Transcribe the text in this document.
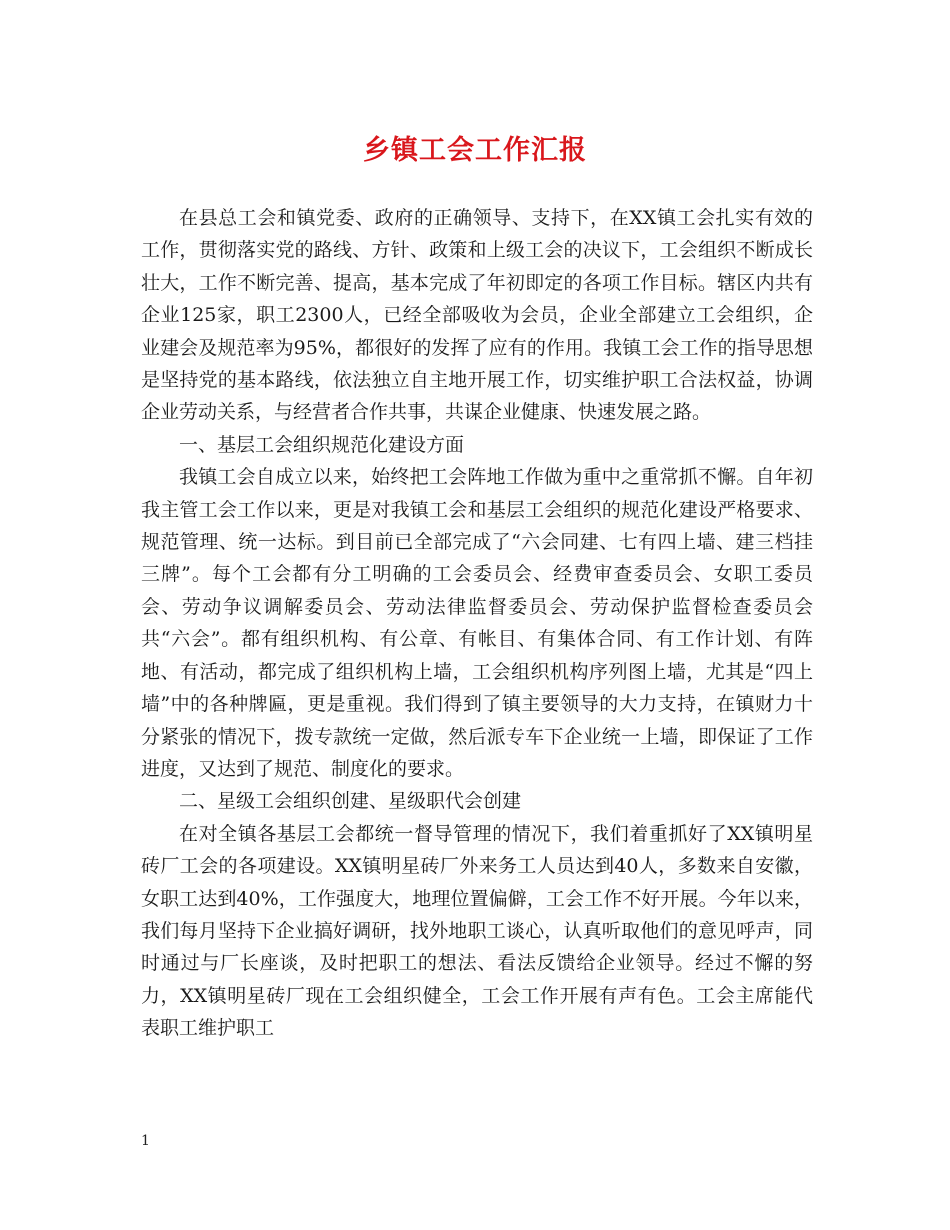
乡镇工会工作汇报

在县总工会和镇党委、政府的正确领导、支持下，在XX镇工会扎实有效的工作，贯彻落实党的路线、方针、政策和上级工会的决议下，工会组织不断成长壮大，工作不断完善、提高，基本完成了年初即定的各项工作目标。辖区内共有企业125家，职工2300人，已经全部吸收为会员，企业全部建立工会组织，企业建会及规范率为95%，都很好的发挥了应有的作用。我镇工会工作的指导思想是坚持党的基本路线，依法独立自主地开展工作，切实维护职工合法权益，协调企业劳动关系，与经营者合作共事，共谋企业健康、快速发展之路。

一、基层工会组织规范化建设方面

我镇工会自成立以来，始终把工会阵地工作做为重中之重常抓不懈。自年初我主管工会工作以来，更是对我镇工会和基层工会组织的规范化建设严格要求、规范管理、统一达标。到目前已全部完成了“六会同建、七有四上墙、建三档挂三牌”。每个工会都有分工明确的工会委员会、经费审查委员会、女职工委员会、劳动争议调解委员会、劳动法律监督委员会、劳动保护监督检查委员会共“六会”。都有组织机构、有公章、有帐目、有集体合同、有工作计划、有阵地、有活动，都完成了组织机构上墙，工会组织机构序列图上墙，尤其是“四上墙”中的各种牌匾，更是重视。我们得到了镇主要领导的大力支持，在镇财力十分紧张的情况下，拨专款统一定做，然后派专车下企业统一上墙，即保证了工作进度，又达到了规范、制度化的要求。

二、星级工会组织创建、星级职代会创建

在对全镇各基层工会都统一督导管理的情况下，我们着重抓好了XX镇明星砖厂工会的各项建设。XX镇明星砖厂外来务工人员达到40人，多数来自安徽，女职工达到40%，工作强度大，地理位置偏僻，工会工作不好开展。今年以来，我们每月坚持下企业搞好调研，找外地职工谈心，认真听取他们的意见呼声，同时通过与厂长座谈，及时把职工的想法、看法反馈给企业领导。经过不懈的努力，XX镇明星砖厂现在工会组织健全，工会工作开展有声有色。工会主席能代表职工维护职工

1
